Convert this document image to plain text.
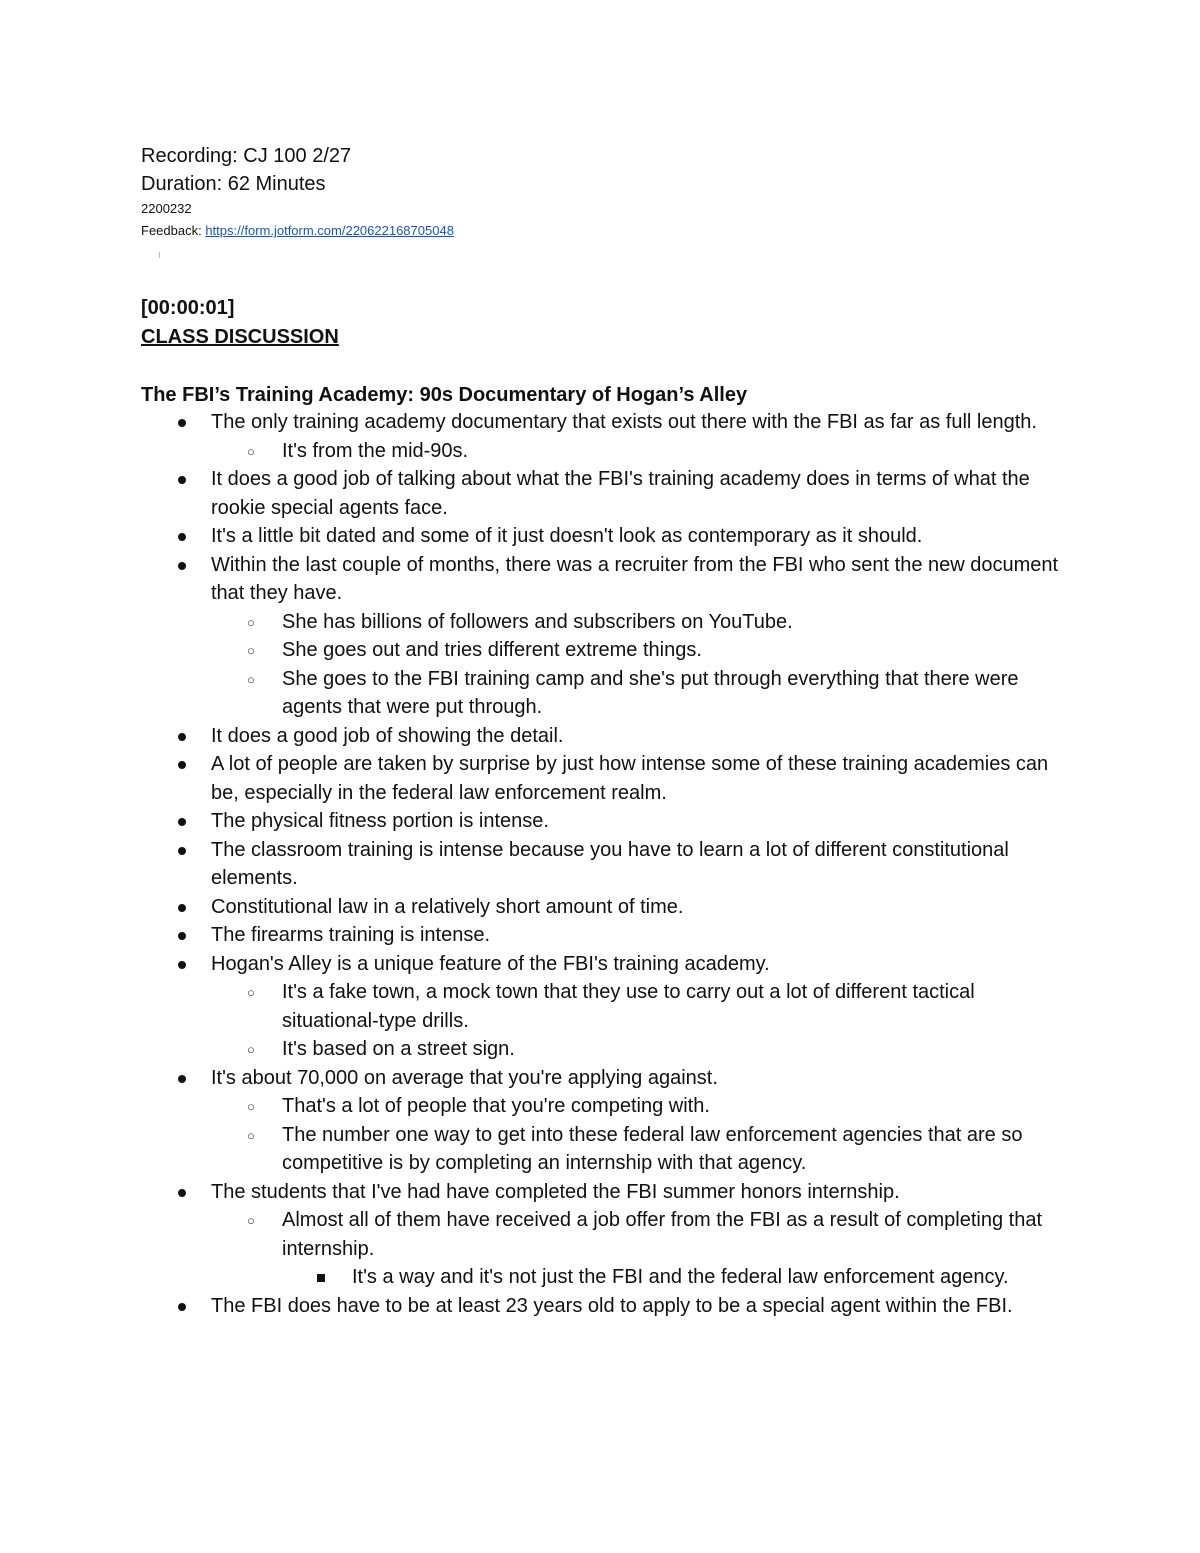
Recording: CJ 100 2/27

Duration: 62 Minutes

2200232

Feedback: https://form.jotform.com/220622168705048

[00:00:01]

CLASS DISCUSSION

The FBI’s Training Academy: 90s Documentary of Hogan’s Alley

The only training academy documentary that exists out there with the FBI as far as full length.
○ It's from the mid-90s.
It does a good job of talking about what the FBI's training academy does in terms of what the rookie special agents face.
It's a little bit dated and some of it just doesn't look as contemporary as it should.
Within the last couple of months, there was a recruiter from the FBI who sent the new document that they have.
○ She has billions of followers and subscribers on YouTube.
○ She goes out and tries different extreme things.
○ She goes to the FBI training camp and she's put through everything that there were agents that were put through.
It does a good job of showing the detail.
A lot of people are taken by surprise by just how intense some of these training academies can be, especially in the federal law enforcement realm.
The physical fitness portion is intense.
The classroom training is intense because you have to learn a lot of different constitutional elements.
Constitutional law in a relatively short amount of time.
The firearms training is intense.
Hogan's Alley is a unique feature of the FBI's training academy.
○ It's a fake town, a mock town that they use to carry out a lot of different tactical situational-type drills.
○ It's based on a street sign.
It's about 70,000 on average that you're applying against.
○ That's a lot of people that you're competing with.
○ The number one way to get into these federal law enforcement agencies that are so competitive is by completing an internship with that agency.
The students that I've had have completed the FBI summer honors internship.
○ Almost all of them have received a job offer from the FBI as a result of completing that internship.
It's a way and it's not just the FBI and the federal law enforcement agency.
The FBI does have to be at least 23 years old to apply to be a special agent within the FBI.
